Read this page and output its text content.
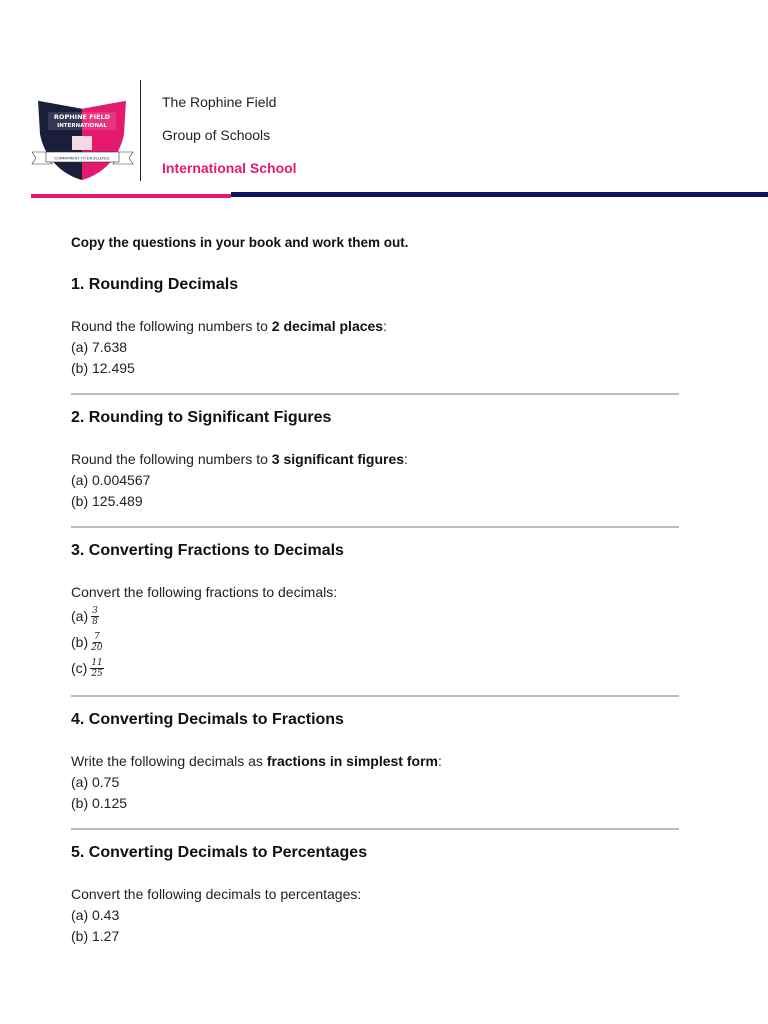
ROPHINE FIELD
INTERNATIONAL
COMMITMENT TO EXCELLENCE
The Rophine Field
Group of Schools
International School

Copy the questions in your book and work them out.

1. Rounding Decimals

Round the following numbers to 2 decimal places:

(a) 7.638

(b) 12.495

2. Rounding to Significant Figures

Round the following numbers to 3 significant figures:

(a) 0.004567

(b) 125.489

3. Converting Fractions to Decimals

Convert the following fractions to decimals:

$(a) \frac{3}{8}$
$(b) \frac{7}{20}$
$(c) \frac{11}{25}$
4. Converting Decimals to Fractions

Write the following decimals as fractions in simplest form:

(a) 0.75

(b) 0.125

5. Converting Decimals to Percentages

Convert the following decimals to percentages:

(a) 0.43

(b) 1.27
